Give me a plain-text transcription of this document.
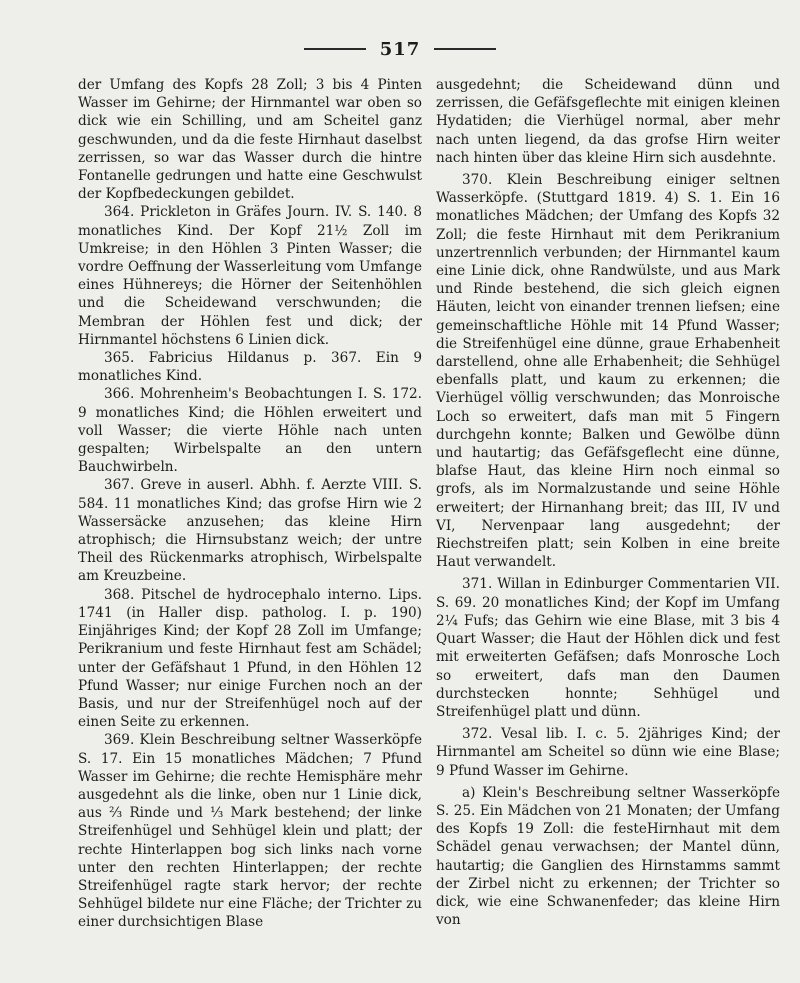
517

der Umfang des Kopfs 28 Zoll; 3 bis 4 Pinten Wasser im Gehirne; der Hirnmantel war oben so dick wie ein Schilling, und am Scheitel ganz geschwunden, und da die feste Hirnhaut daselbst zerrissen, so war das Wasser durch die hintre Fontanelle gedrungen und hatte eine Geschwulst der Kopfbedeckungen gebildet.

364. Prickleton in Gräfes Journ. IV. S. 140. 8 monatliches Kind. Der Kopf 21½ Zoll im Umkreise; in den Höhlen 3 Pinten Wasser; die vordre Oeffnung der Wasserleitung vom Umfange eines Hühnereys; die Hörner der Seitenhöhlen und die Scheidewand verschwunden; die Membran der Höhlen fest und dick; der Hirnmantel höchstens 6 Linien dick.

365. Fabricius Hildanus p. 367. Ein 9 monatliches Kind.

366. Mohrenheim's Beobachtungen I. S. 172. 9 monatliches Kind; die Höhlen erweitert und voll Wasser; die vierte Höhle nach unten gespalten; Wirbelspalte an den untern Bauchwirbeln.

367. Greve in auserl. Abhh. f. Aerzte VIII. S. 584. 11 monatliches Kind; das grofse Hirn wie 2 Wassersäcke anzusehen; das kleine Hirn atrophisch; die Hirnsubstanz weich; der untre Theil des Rückenmarks atrophisch, Wirbelspalte am Kreuzbeine.

368. Pitschel de hydrocephalo interno. Lips. 1741 (in Haller disp. patholog. I. p. 190) Einjähriges Kind; der Kopf 28 Zoll im Umfange; Perikranium und feste Hirnhaut fest am Schädel; unter der Gefäfshaut 1 Pfund, in den Höhlen 12 Pfund Wasser; nur einige Furchen noch an der Basis, und nur der Streifenhügel noch auf der einen Seite zu erkennen.

369. Klein Beschreibung seltner Wasserköpfe S. 17. Ein 15 monatliches Mädchen; 7 Pfund Wasser im Gehirne; die rechte Hemisphäre mehr ausgedehnt als die linke, oben nur 1 Linie dick, aus ⅔ Rinde und ⅓ Mark bestehend; der linke Streifenhügel und Sehhügel klein und platt; der rechte Hinterlappen bog sich links nach vorne unter den rechten Hinterlappen; der rechte Streifenhügel ragte stark hervor; der rechte Sehhügel bildete nur eine Fläche; der Trichter zu einer durchsichtigen Blase

ausgedehnt; die Scheidewand dünn und zerrissen, die Gefäfsgeflechte mit einigen kleinen Hydatiden; die Vierhügel normal, aber mehr nach unten liegend, da das grofse Hirn weiter nach hinten über das kleine Hirn sich ausdehnte.

370. Klein Beschreibung einiger seltnen Wasserköpfe. (Stuttgard 1819. 4) S. 1. Ein 16 monatliches Mädchen; der Umfang des Kopfs 32 Zoll; die feste Hirnhaut mit dem Perikranium unzertrennlich verbunden; der Hirnmantel kaum eine Linie dick, ohne Randwülste, und aus Mark und Rinde bestehend, die sich gleich eignen Häuten, leicht von einander trennen liefsen; eine gemeinschaftliche Höhle mit 14 Pfund Wasser; die Streifenhügel eine dünne, graue Erhabenheit darstellend, ohne alle Erhabenheit; die Sehhügel ebenfalls platt, und kaum zu erkennen; die Vierhügel völlig verschwunden; das Monroische Loch so erweitert, dafs man mit 5 Fingern durchgehn konnte; Balken und Gewölbe dünn und hautartig; das Gefäfsgeflecht eine dünne, blafse Haut, das kleine Hirn noch einmal so grofs, als im Normalzustande und seine Höhle erweitert; der Hirnanhang breit; das III, IV und VI, Nervenpaar lang ausgedehnt; der Riechstreifen platt; sein Kolben in eine breite Haut verwandelt.

371. Willan in Edinburger Commentarien VII. S. 69. 20 monatliches Kind; der Kopf im Umfang 2¼ Fufs; das Gehirn wie eine Blase, mit 3 bis 4 Quart Wasser; die Haut der Höhlen dick und fest mit erweiterten Gefäfsen; dafs Monrosche Loch so erweitert, dafs man den Daumen durchstecken honnte; Sehhügel und Streifenhügel platt und dünn.

372. Vesal lib. I. c. 5. 2jähriges Kind; der Hirnmantel am Scheitel so dünn wie eine Blase; 9 Pfund Wasser im Gehirne.

a) Klein's Beschreibung seltner Wasserköpfe S. 25. Ein Mädchen von 21 Monaten; der Umfang des Kopfs 19 Zoll: die festeHirnhaut mit dem Schädel genau verwachsen; der Mantel dünn, hautartig; die Ganglien des Hirnstamms sammt der Zirbel nicht zu erkennen; der Trichter so dick, wie eine Schwanenfeder; das kleine Hirn von
